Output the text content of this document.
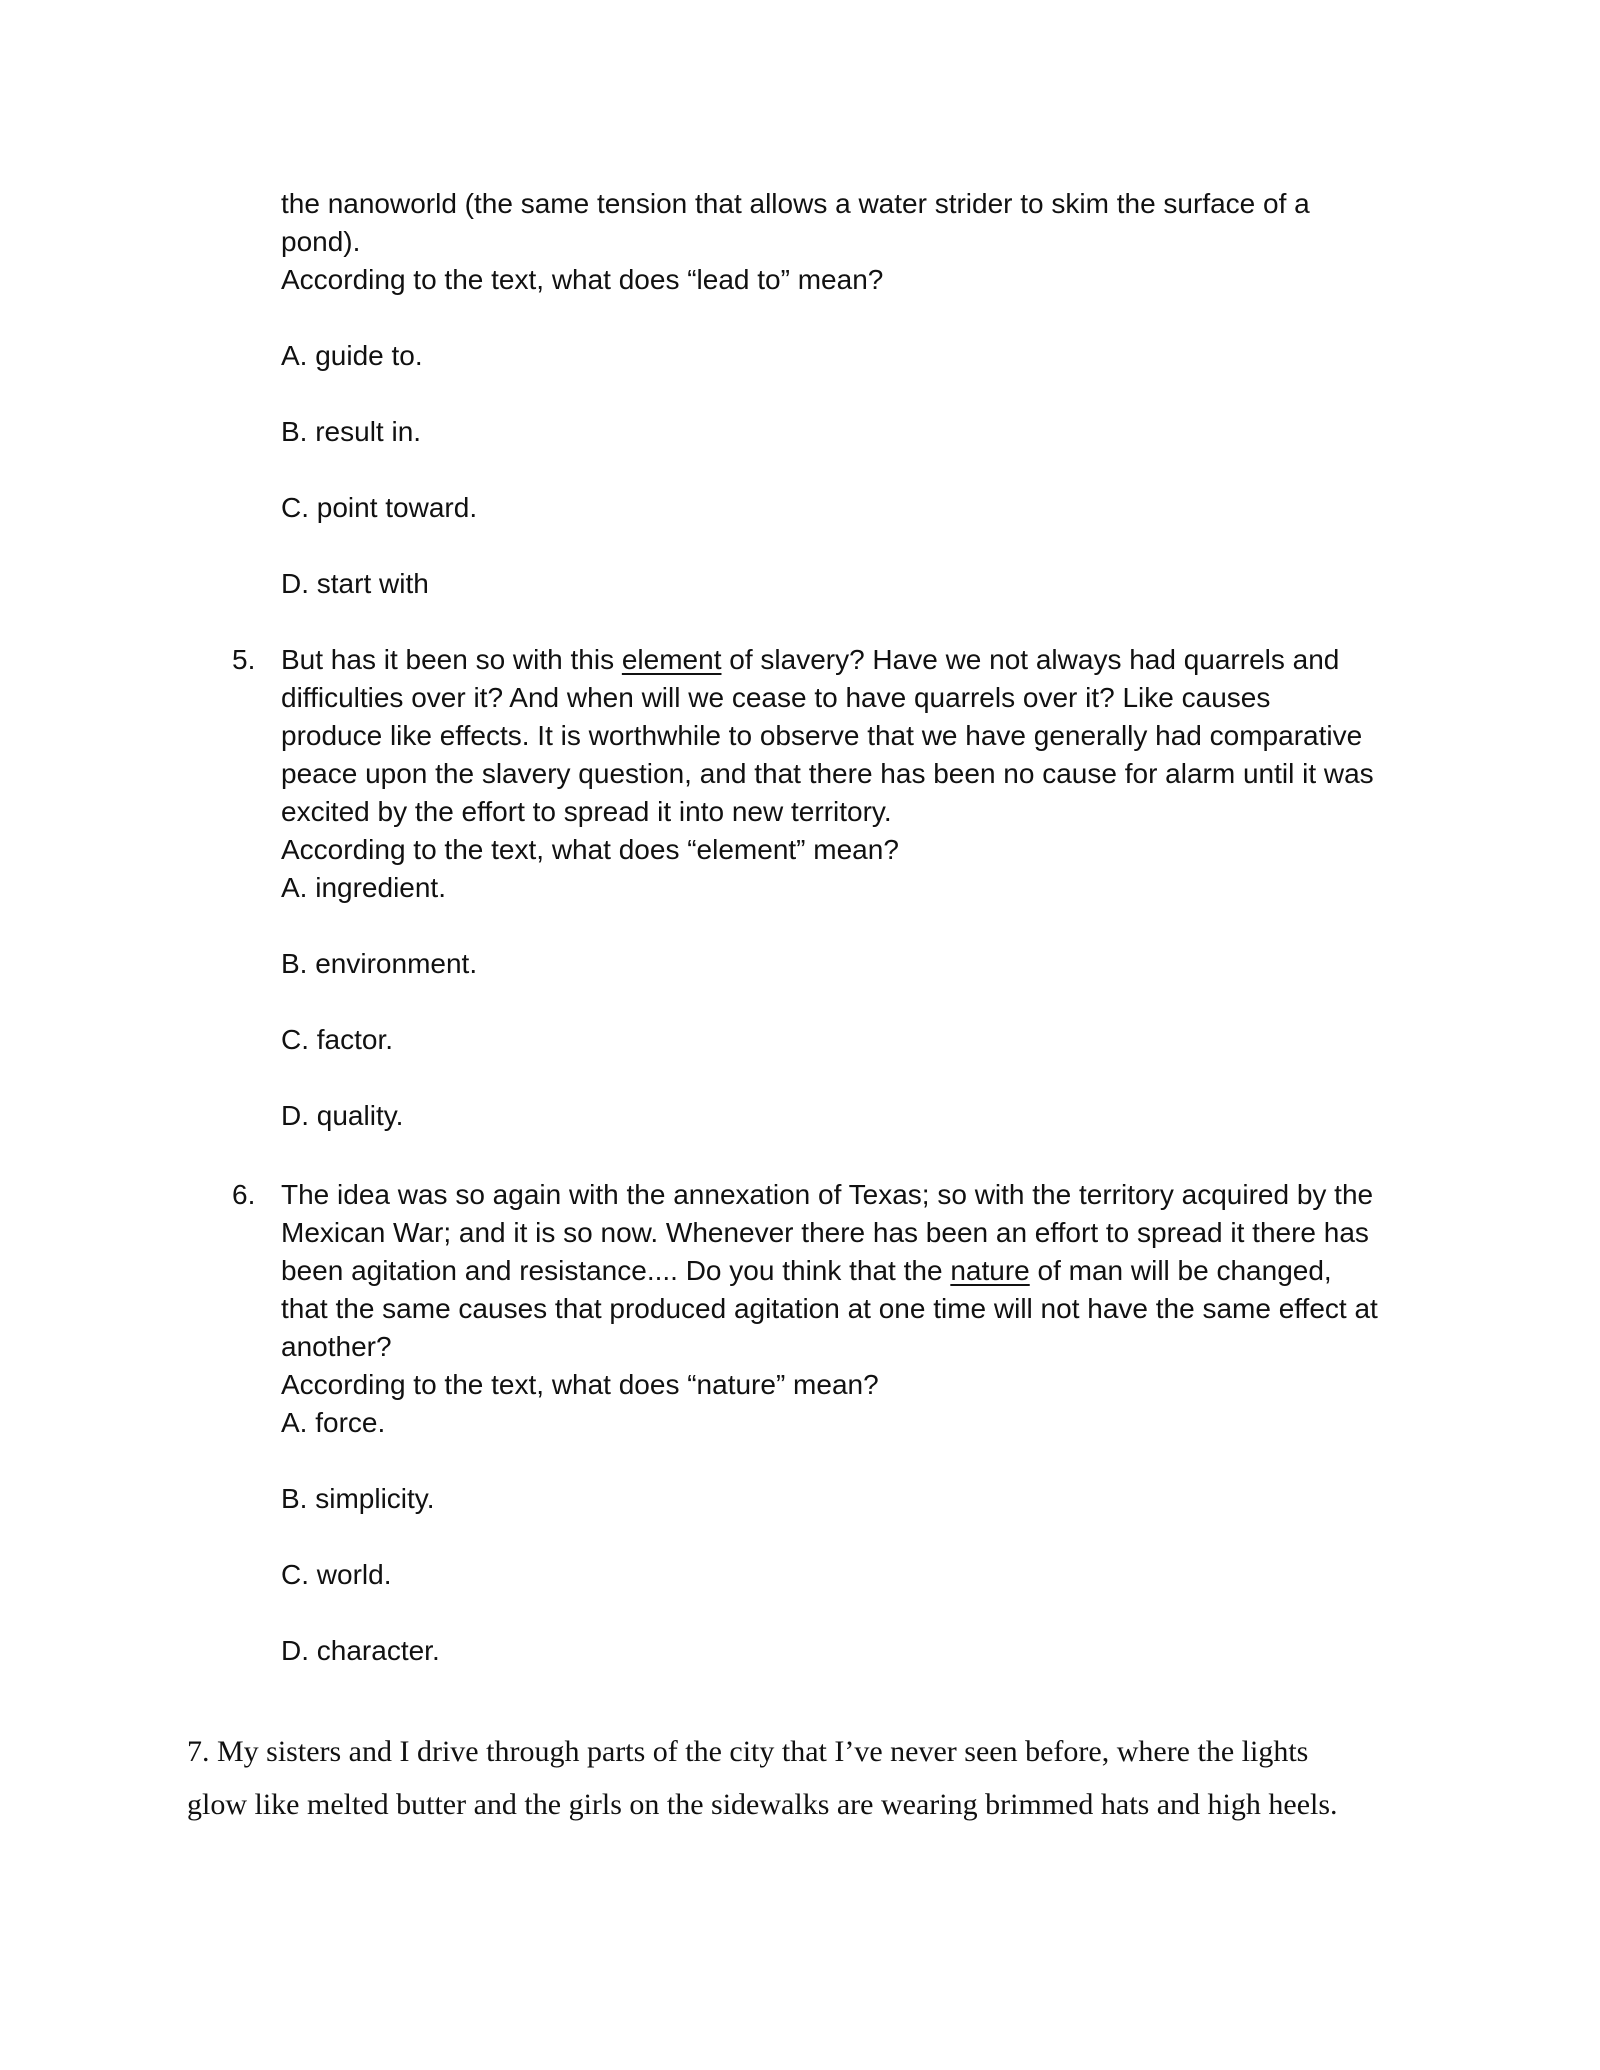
the nanoworld (the same tension that allows a water strider to skim the surface of a
pond).
According to the text, what does “lead to” mean?
A. guide to.
B. result in.
C. point toward.
D. start with
5. But has it been so with this element of slavery? Have we not always had quarrels and
difficulties over it? And when will we cease to have quarrels over it? Like causes
produce like effects. It is worthwhile to observe that we have generally had comparative
peace upon the slavery question, and that there has been no cause for alarm until it was
excited by the effort to spread it into new territory.
According to the text, what does “element” mean?
A. ingredient.
B. environment.
C. factor.
D. quality.
6. The idea was so again with the annexation of Texas; so with the territory acquired by the
Mexican War; and it is so now. Whenever there has been an effort to spread it there has
been agitation and resistance.... Do you think that the nature of man will be changed,
that the same causes that produced agitation at one time will not have the same effect at
another?
According to the text, what does “nature” mean?
A. force.
B. simplicity.
C. world.
D. character.
7. My sisters and I drive through parts of the city that I’ve never seen before, where the lights
glow like melted butter and the girls on the sidewalks are wearing brimmed hats and high heels.
